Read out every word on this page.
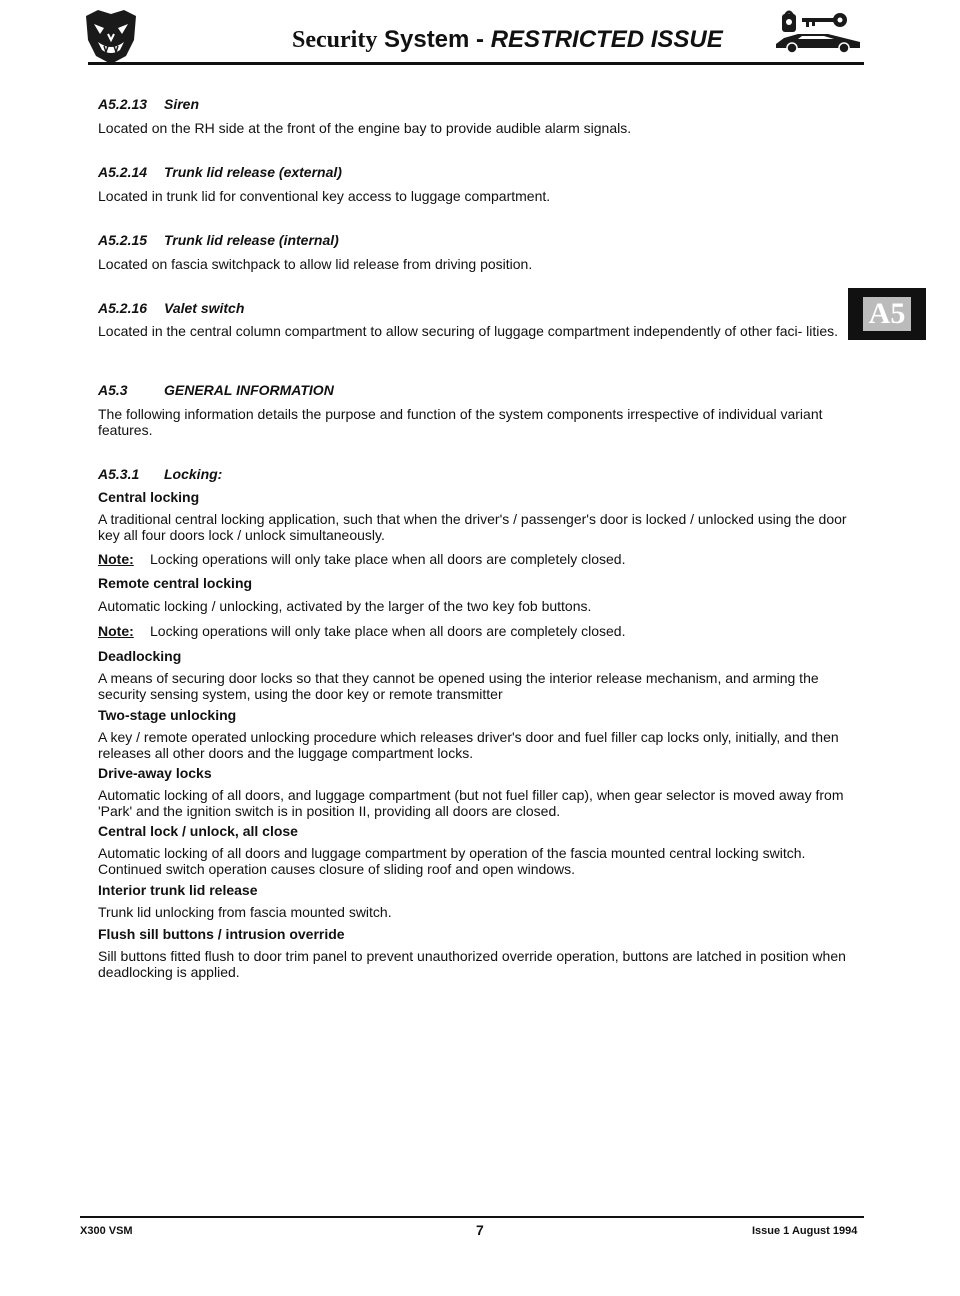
Security System - RESTRICTED ISSUE
A5
A5.2.13 Siren
Located on the RH side at the front of the engine bay to provide audible alarm signals.
A5.2.14 Trunk lid release (external)
Located in trunk lid for conventional key access to luggage compartment.
A5.2.15 Trunk lid release (internal)
Located on fascia switchpack to allow lid release from driving position.
A5.2.16 Valet switch
Located in the central column compartment to allow securing of luggage compartment independently of other faci- lities.
A5.3	GENERAL INFORMATION
The following information details the purpose and function of the system components irrespective of individual variant features.
A5.3.1 Locking:
Central locking
A traditional central locking application, such that when the driver's / passenger's door is locked / unlocked using the door key all four doors lock / unlock simultaneously.
Note: Locking operations will only take place when all doors are completely closed.
Remote central locking
Automatic locking / unlocking, activated by the larger of the two key fob buttons.
Note: Locking operations will only take place when all doors are completely closed.
Deadlocking
A means of securing door locks so that they cannot be opened using the interior release mechanism, and arming the security sensing system, using the door key or remote transmitter
Two-stage unlocking
A key / remote operated unlocking procedure which releases driver's door and fuel filler cap locks only, initially, and then releases all other doors and the luggage compartment locks.
Drive-away locks
Automatic locking of all doors, and luggage compartment (but not fuel filler cap), when gear selector is moved away from 'Park' and the ignition switch is in position II, providing all doors are closed.
Central lock / unlock, all close
Automatic locking of all doors and luggage compartment by operation of the fascia mounted central locking switch. Continued switch operation causes closure of sliding roof and open windows.
Interior trunk lid release
Trunk lid unlocking from fascia mounted switch.
Flush sill buttons / intrusion override
Sill buttons fitted flush to door trim panel to prevent unauthorized override operation, buttons are latched in position when deadlocking is applied.
X300 VSM	7	Issue 1 August 1994
